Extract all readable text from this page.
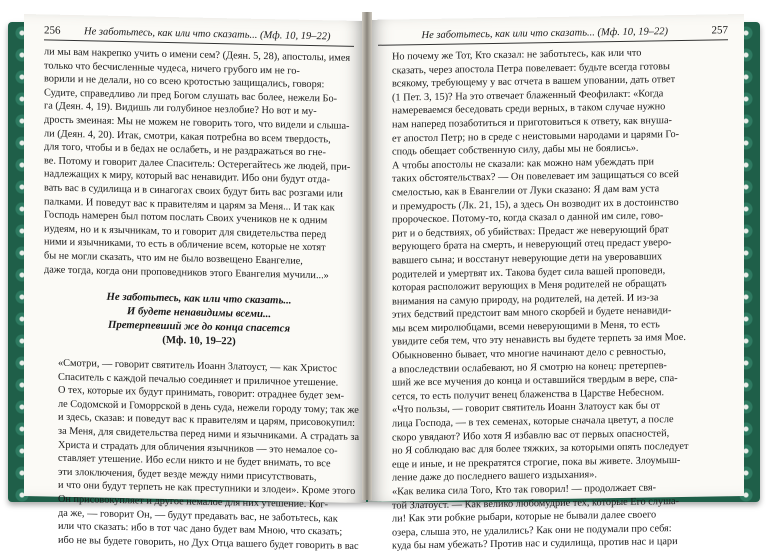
256	Не заботьтесь, как или что сказать... (Мф. 10, 19–22)

ли мы вам накрепко учить о имени сем? (Деян. 5, 28), апостолы, имея
только что бесчисленные чудеса, ничего грубого им не го-
ворили и не делали, но со всею кротостью защищались, говоря:
Судите, справедливо ли пред Богом слушать вас более, нежели Бо-
га (Деян. 4, 19). Видишь ли голубиное незлобие? Но вот и му-
дрость змеиная: Мы не можем не говорить того, что видели и слыша-
ли (Деян. 4, 20). Итак, смотри, какая потребна во всем твердость,
для того, чтобы и в бедах не ослабеть, и не раздражаться во гне-
ве. Потому и говорит далее Спаситель: Остерегайтесь же людей, при-
надлежащих к миру, который вас ненавидит. Ибо они будут отда-
вать вас в судилища и в синагогах своих будут бить вас розгами или
палками. И поведут вас к правителям и царям за Меня... И так как
Господь намерен был потом послать Своих учеников не к одним
иудеям, но и к язычникам, то и говорит для свидетельства перед
ними и язычниками, то есть в обличение всем, которые не хотят
бы не могли сказать, что им не было возвещено Евангелие,
даже тогда, когда они проповедников этого Евангелия мучили...»

Не заботьтесь, как или что сказать...
И будете ненавидимы всеми...
Претерпевший же до конца спасется
(Мф. 10, 19–22)

«Смотри, — говорит святитель Иоанн Златоуст, — как Христос
Спаситель с каждой печалью соединяет и приличное утешение.
О тех, которые их будут принимать, говорит: отраднее будет зем-
ле Содомской и Гоморрской в день суда, нежели городу тому; так же
и здесь, сказав: и поведут вас к правителям и царям, присовокупил:
за Меня, для свидетельства перед ними и язычниками. А страдать за
Христа и страдать для обличения язычников — это немалое со-
ставляет утешение. Ибо если никто и не будет внимать, то все
эти злоключения, будет везде между ними присутствовать,
и что они будут терпеть не как преступники и злодеи». Кроме этого
Он присовокупляет и другое немалое для них утешение. Ког-
да же, — говорит Он, — будут предавать вас, не заботьтесь, как
или что сказать: ибо в тот час дано будет вам Мною, что сказать;
ибо не вы будете говорить, но Дух Отца вашего будет говорить в вас

Не заботьтесь, как или что сказать... (Мф. 10, 19–22)	257

Но почему же Тот, Кто сказал: не заботьтесь, как или что
сказать, через апостола Петра повелевает: будьте всегда готовы
всякому, требующему у вас отчета в вашем уповании, дать ответ
(1 Пет. 3, 15)? На это отвечает блаженный Феофилакт: «Когда
намереваемся беседовать среди верных, в таком случае нужно
нам наперед позаботиться и приготовиться к ответу, как внуша-
ет апостол Петр; но в среде с неистовыми народами и царями Го-
сподь обещает собственную силу, дабы мы не боялись».
А чтобы апостолы не сказали: как можно нам убеждать при
таких обстоятельствах? — Он повелевает им защищаться со всей
смелостью, как в Евангелии от Луки сказано: Я дам вам уста
и премудрость (Лк. 21, 15), а здесь Он возводит их в достоинство
пророческое. Потому-то, когда сказал о данной им силе, гово-
рит и о бедствиях, об убийствах: Предаст же неверующий брат
верующего брата на смерть, и неверующий отец предаст уверо-
вавшего сына; и восстанут неверующие дети на уверовавших
родителей и умертвят их. Такова будет сила вашей проповеди,
которая расположит верующих в Меня родителей не обращать
внимания на самую природу, на родителей, на детей. И из-за
этих бедствий предстоит вам много скорбей и будете ненавиди-
мы всем миролюбцами, всеми неверующими в Меня, то есть
увидите себя тем, что эту ненависть вы будете терпеть за имя Мое.
Обыкновенно бывает, что многие начинают дело с ревностью,
а впоследствии ослабевают, но Я смотрю на конец: претерпев-
ший же все мучения до конца и оставшийся твердым в вере, спа-
сется, то есть получит венец блаженства в Царстве Небесном.
«Что пользы, — говорит святитель Иоанн Златоуст как бы от
лица Господа, — в тех семенах, которые сначала цветут, а после
скоро увядают? Ибо хотя Я избавлю вас от первых опасностей,
но Я соблюдаю вас для более тяжких, за которыми опять последует
еще и иные, и не прекратятся строгие, пока вы живете. Злоумыш-
ление даже до последнего вашего издыхания».
«Как велика сила Того, Кто так говорил! — продолжает свя-
той Златоуст. — Как велико любомудрие тех, которые Его слуша-
ли! Как эти робкие рыбари, которые не бывали далее своего
озера, слыша это, не удалились? Как они не подумали про себя:
куда бы нам убежать? Против нас и судилища, против нас и цари
